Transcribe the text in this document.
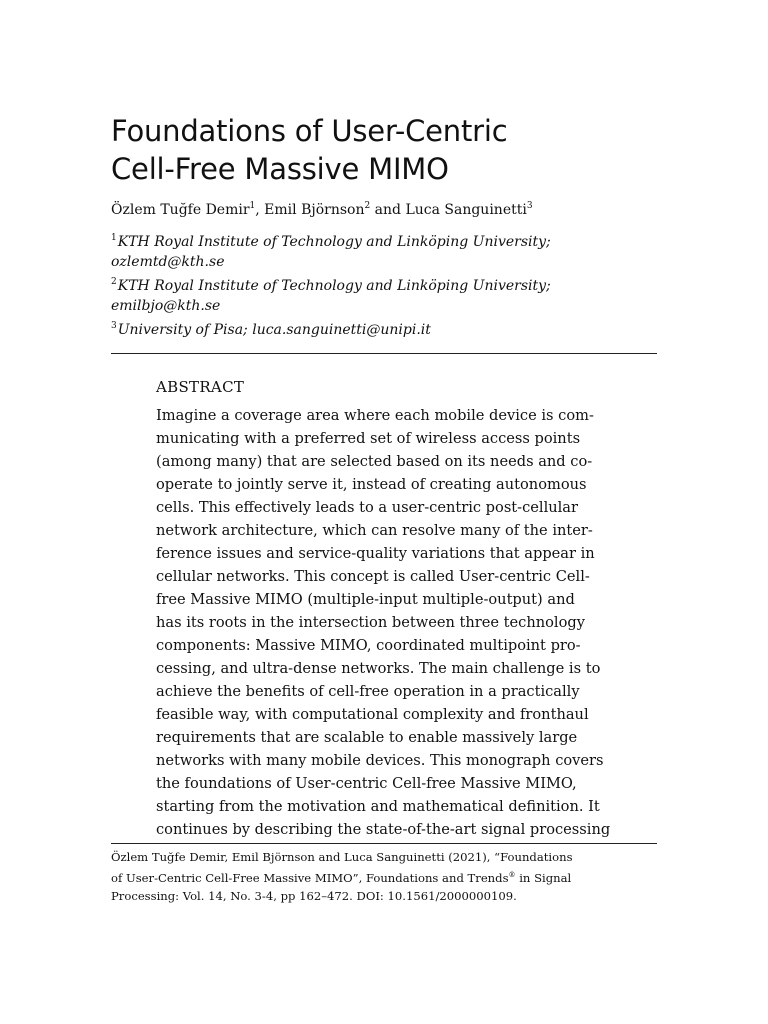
Foundations of User-Centric
Cell-Free Massive MIMO
Özlem Tuğfe Demir$^1$, Emil Björnson$^2$ and Luca Sanguinetti$^3$
$^1$KTH Royal Institute of Technology and Linköping University;
ozlemtd@kth.se
$^2$KTH Royal Institute of Technology and Linköping University;
emilbjo@kth.se
$^3$University of Pisa; luca.sanguinetti@unipi.it
ABSTRACT
Imagine a coverage area where each mobile device is com-
municating with a preferred set of wireless access points
(among many) that are selected based on its needs and co-
operate to jointly serve it, instead of creating autonomous
cells. This effectively leads to a user-centric post-cellular
network architecture, which can resolve many of the inter-
ference issues and service-quality variations that appear in
cellular networks. This concept is called User-centric Cell-
free Massive MIMO (multiple-input multiple-output) and
has its roots in the intersection between three technology
components: Massive MIMO, coordinated multipoint pro-
cessing, and ultra-dense networks. The main challenge is to
achieve the benefits of cell-free operation in a practically
feasible way, with computational complexity and fronthaul
requirements that are scalable to enable massively large
networks with many mobile devices. This monograph covers
the foundations of User-centric Cell-free Massive MIMO,
starting from the motivation and mathematical definition. It
continues by describing the state-of-the-art signal processing
Özlem Tuğfe Demir, Emil Björnson and Luca Sanguinetti (2021), “Foundations
of User-Centric Cell-Free Massive MIMO”, Foundations and Trends® in Signal
Processing: Vol. 14, No. 3-4, pp 162–472. DOI: 10.1561/2000000109.
